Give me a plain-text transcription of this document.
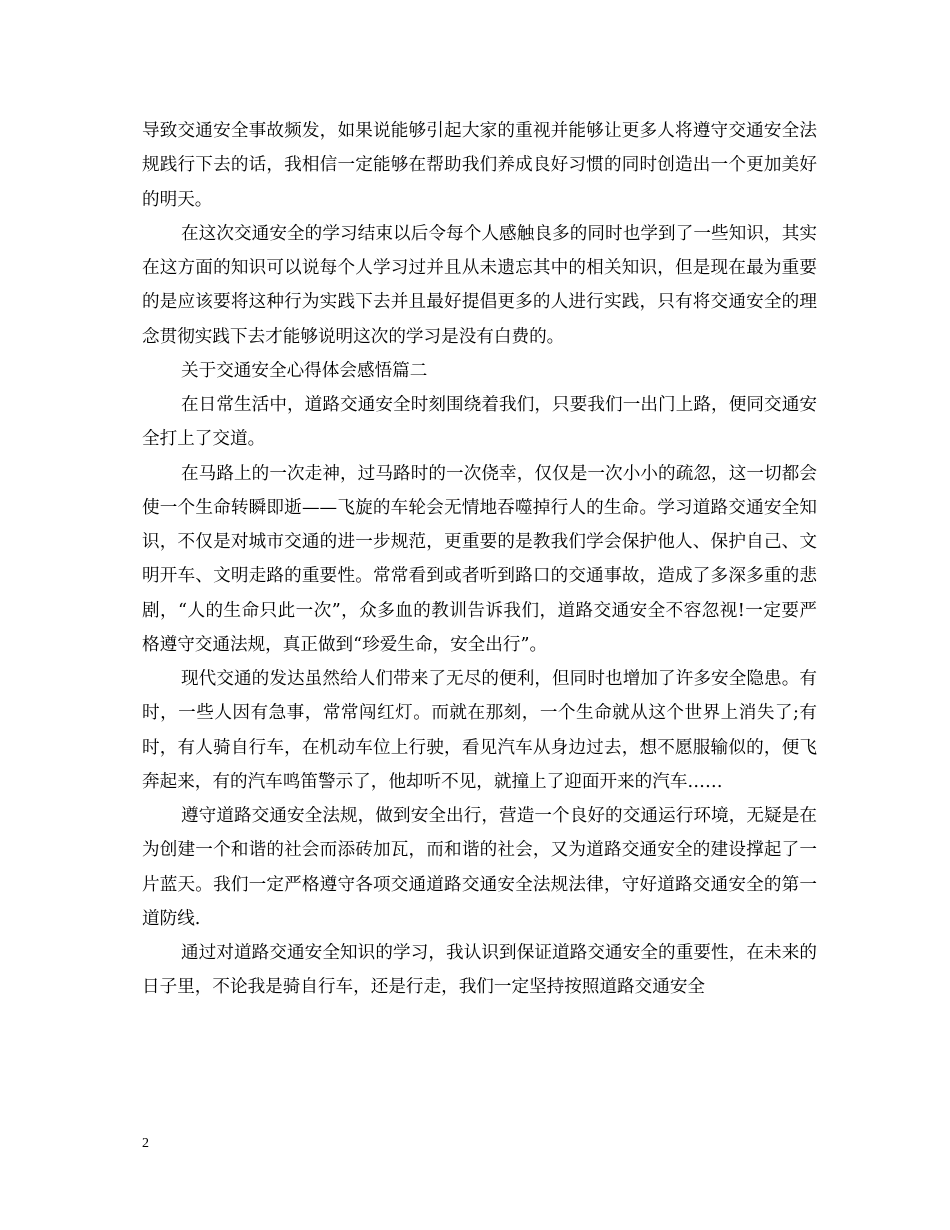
导致交通安全事故频发，如果说能够引起大家的重视并能够让更多人将遵守交通安全法规践行下去的话，我相信一定能够在帮助我们养成良好习惯的同时创造出一个更加美好的明天。

在这次交通安全的学习结束以后令每个人感触良多的同时也学到了一些知识，其实在这方面的知识可以说每个人学习过并且从未遗忘其中的相关知识，但是现在最为重要的是应该要将这种行为实践下去并且最好提倡更多的人进行实践，只有将交通安全的理念贯彻实践下去才能够说明这次的学习是没有白费的。

关于交通安全心得体会感悟篇二

在日常生活中，道路交通安全时刻围绕着我们，只要我们一出门上路，便同交通安全打上了交道。

在马路上的一次走神，过马路时的一次侥幸，仅仅是一次小小的疏忽，这一切都会使一个生命转瞬即逝——飞旋的车轮会无情地吞噬掉行人的生命。学习道路交通安全知识，不仅是对城市交通的进一步规范，更重要的是教我们学会保护他人、保护自己、文明开车、文明走路的重要性。常常看到或者听到路口的交通事故，造成了多深多重的悲剧，“人的生命只此一次”，众多血的教训告诉我们，道路交通安全不容忽视!一定要严格遵守交通法规，真正做到“珍爱生命，安全出行”。

现代交通的发达虽然给人们带来了无尽的便利，但同时也增加了许多安全隐患。有时，一些人因有急事，常常闯红灯。而就在那刻，一个生命就从这个世界上消失了;有时，有人骑自行车，在机动车位上行驶，看见汽车从身边过去，想不愿服输似的，便飞奔起来，有的汽车鸣笛警示了，他却听不见，就撞上了迎面开来的汽车……

遵守道路交通安全法规，做到安全出行，营造一个良好的交通运行环境，无疑是在为创建一个和谐的社会而添砖加瓦，而和谐的社会，又为道路交通安全的建设撑起了一片蓝天。我们一定严格遵守各项交通道路交通安全法规法律，守好道路交通安全的第一道防线.

通过对道路交通安全知识的学习，我认识到保证道路交通安全的重要性，在未来的日子里，不论我是骑自行车，还是行走，我们一定坚持按照道路交通安全

2
